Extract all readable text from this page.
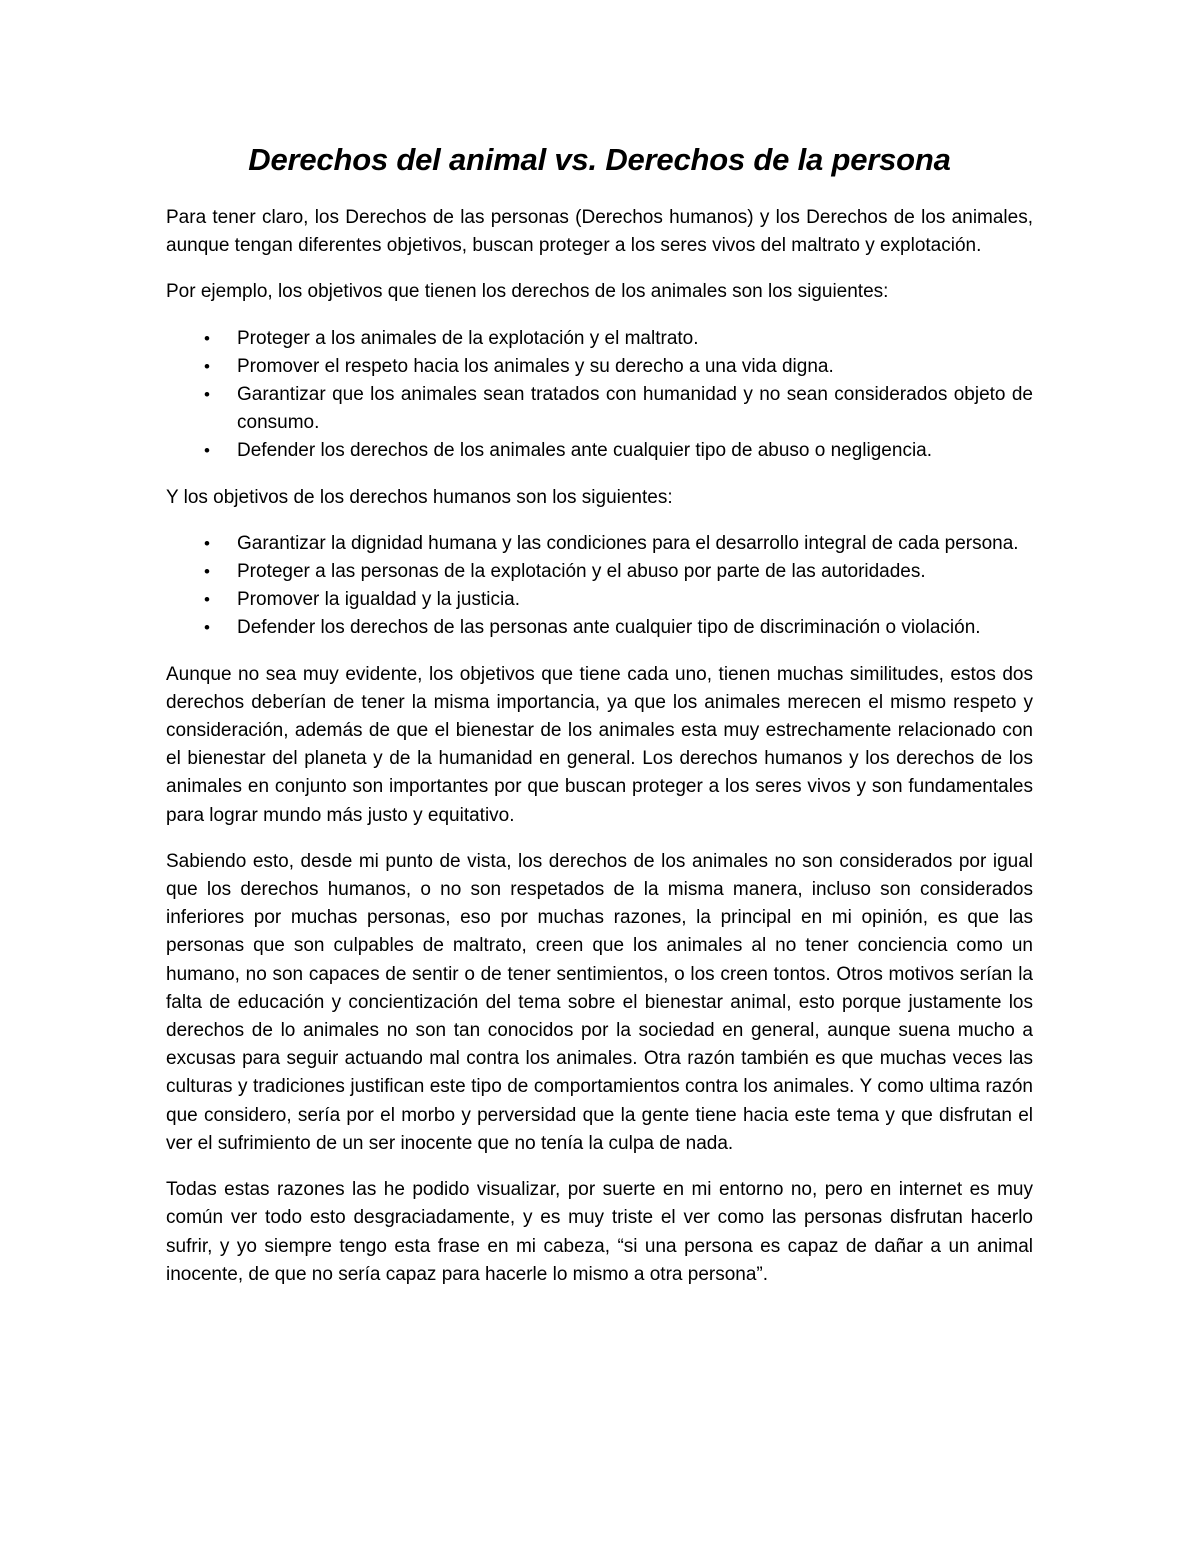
Derechos del animal vs. Derechos de la persona

Para tener claro, los Derechos de las personas (Derechos humanos) y los Derechos de los animales, aunque tengan diferentes objetivos, buscan proteger a los seres vivos del maltrato y explotación.

Por ejemplo, los objetivos que tienen los derechos de los animales son los siguientes:

• Proteger a los animales de la explotación y el maltrato.
• Promover el respeto hacia los animales y su derecho a una vida digna.
• Garantizar que los animales sean tratados con humanidad y no sean considerados objeto de consumo.
• Defender los derechos de los animales ante cualquier tipo de abuso o negligencia.

Y los objetivos de los derechos humanos son los siguientes:

• Garantizar la dignidad humana y las condiciones para el desarrollo integral de cada persona.
• Proteger a las personas de la explotación y el abuso por parte de las autoridades.
• Promover la igualdad y la justicia.
• Defender los derechos de las personas ante cualquier tipo de discriminación o violación.

Aunque no sea muy evidente, los objetivos que tiene cada uno, tienen muchas similitudes, estos dos derechos deberían de tener la misma importancia, ya que los animales merecen el mismo respeto y consideración, además de que el bienestar de los animales esta muy estrechamente relacionado con el bienestar del planeta y de la humanidad en general. Los derechos humanos y los derechos de los animales en conjunto son importantes por que buscan proteger a los seres vivos y son fundamentales para lograr mundo más justo y equitativo.

Sabiendo esto, desde mi punto de vista, los derechos de los animales no son considerados por igual que los derechos humanos, o no son respetados de la misma manera, incluso son considerados inferiores por muchas personas, eso por muchas razones, la principal en mi opinión, es que las personas que son culpables de maltrato, creen que los animales al no tener conciencia como un humano, no son capaces de sentir o de tener sentimientos, o los creen tontos. Otros motivos serían la falta de educación y concientización del tema sobre el bienestar animal, esto porque justamente los derechos de lo animales no son tan conocidos por la sociedad en general, aunque suena mucho a excusas para seguir actuando mal contra los animales. Otra razón también es que muchas veces las culturas y tradiciones justifican este tipo de comportamientos contra los animales. Y como ultima razón que considero, sería por el morbo y perversidad que la gente tiene hacia este tema y que disfrutan el ver el sufrimiento de un ser inocente que no tenía la culpa de nada.

Todas estas razones las he podido visualizar, por suerte en mi entorno no, pero en internet es muy común ver todo esto desgraciadamente, y es muy triste el ver como las personas disfrutan hacerlo sufrir, y yo siempre tengo esta frase en mi cabeza, “si una persona es capaz de dañar a un animal inocente, de que no sería capaz para hacerle lo mismo a otra persona”.
